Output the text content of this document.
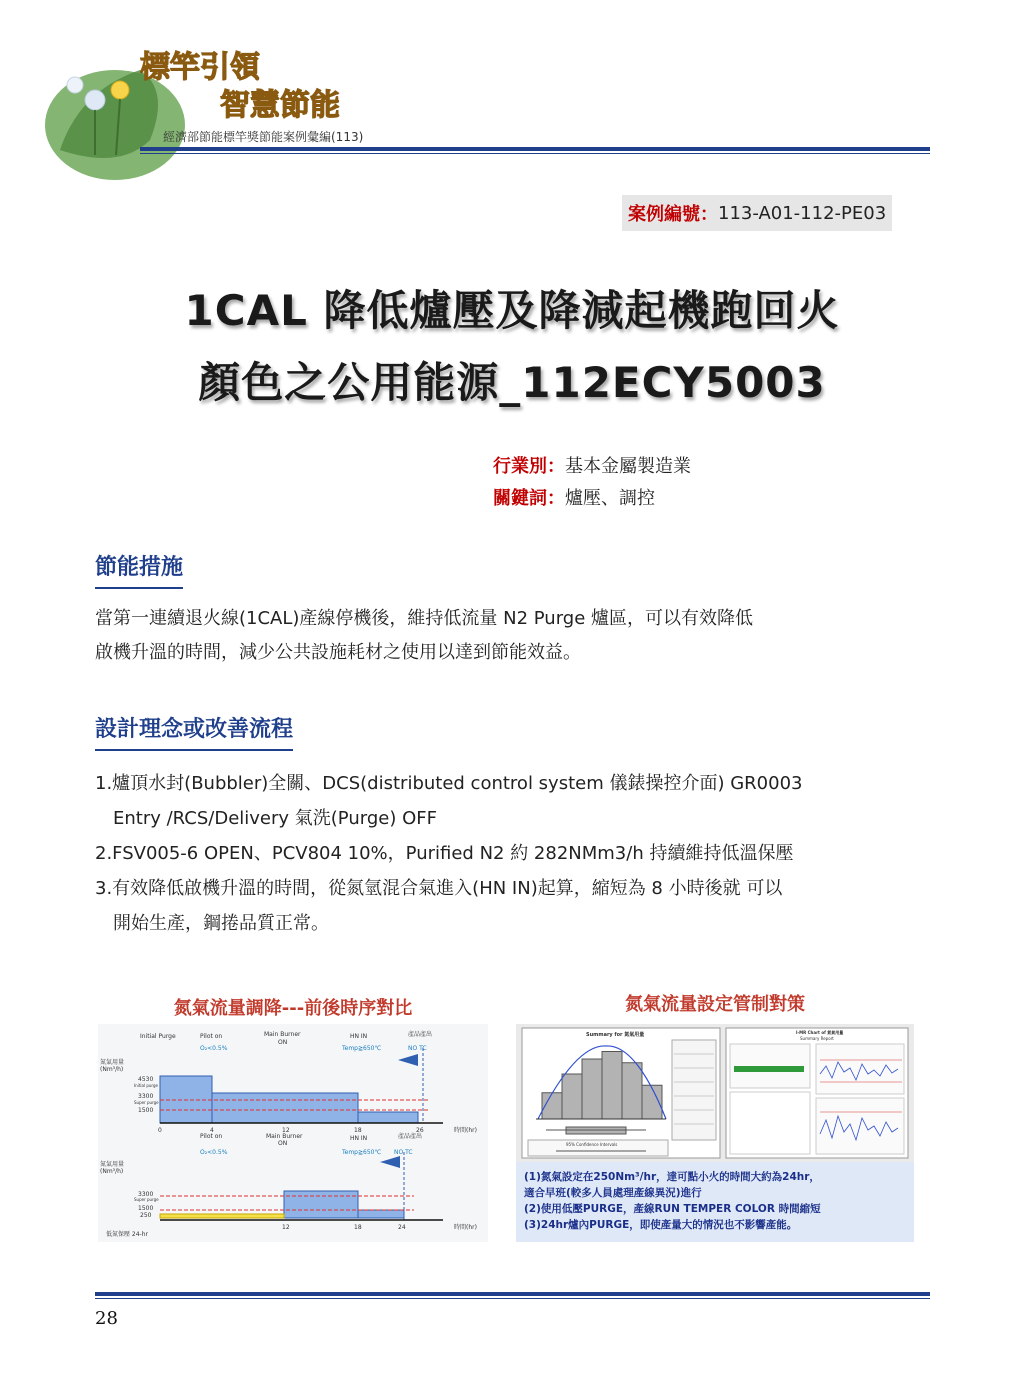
標竿引領
智慧節能
經濟部節能標竿獎節能案例彙編(113)
案例編號： 113-A01-112-PE03
1CAL 降低爐壓及降減起機跑回火
顏色之公用能源_112ECY5003
行業別：基本金屬製造業
關鍵詞：爐壓、調控
節能措施
當第一連續退火線(1CAL)產線停機後，維持低流量 N2 Purge 爐區，可以有效降低
啟機升溫的時間，減少公共設施耗材之使用以達到節能效益。
設計理念或改善流程
1.爐頂水封(Bubbler)全關、DCS(distributed control system 儀錶操控介面) GR0003
Entry /RCS/Delivery 氣洗(Purge) OFF
2.FSV005-6 OPEN、PCV804 10%，Purified N2 約 282NMm3/h 持續維持低溫保壓
3.有效降低啟機升溫的時間，從氮氫混合氣進入(HN IN)起算，縮短為 8 小時後就 可以
開始生產，鋼捲品質正常。
氮氣流量調降---前後時序對比
Initial Purge	Pilot on	Main Burner
ON
HN IN	產品產出
O₂<0.5%	Temp≧650℃	NO TC
氮氣用量
(Nm³/h)
4530
Initial purge
3300
Super purge
1500
0	4	12	18	26	時間(hr)
Pilot on	Main Burner
ON
HN IN	產品產出
O₂<0.5%	Temp≧650℃ NO TC
氮氣用量
(Nm³/h)
3300
Super purge
1500
250
12	18	24	時間(hr)
低氮保壓 24-hr
氮氣流量設定管制對策
Summary for 氮氣用量
95% Confidence Intervals
I-MR Chart of 氮氣用量
Summary Report
(1)氮氣設定在250Nm³/hr，達可點小火的時間大約為24hr，
適合早班(較多人員處理產線異況)進行
(2)使用低壓PURGE，產線RUN TEMPER COLOR 時間縮短
(3)24hr爐內PURGE，即使產量大的情況也不影響產能。
28
